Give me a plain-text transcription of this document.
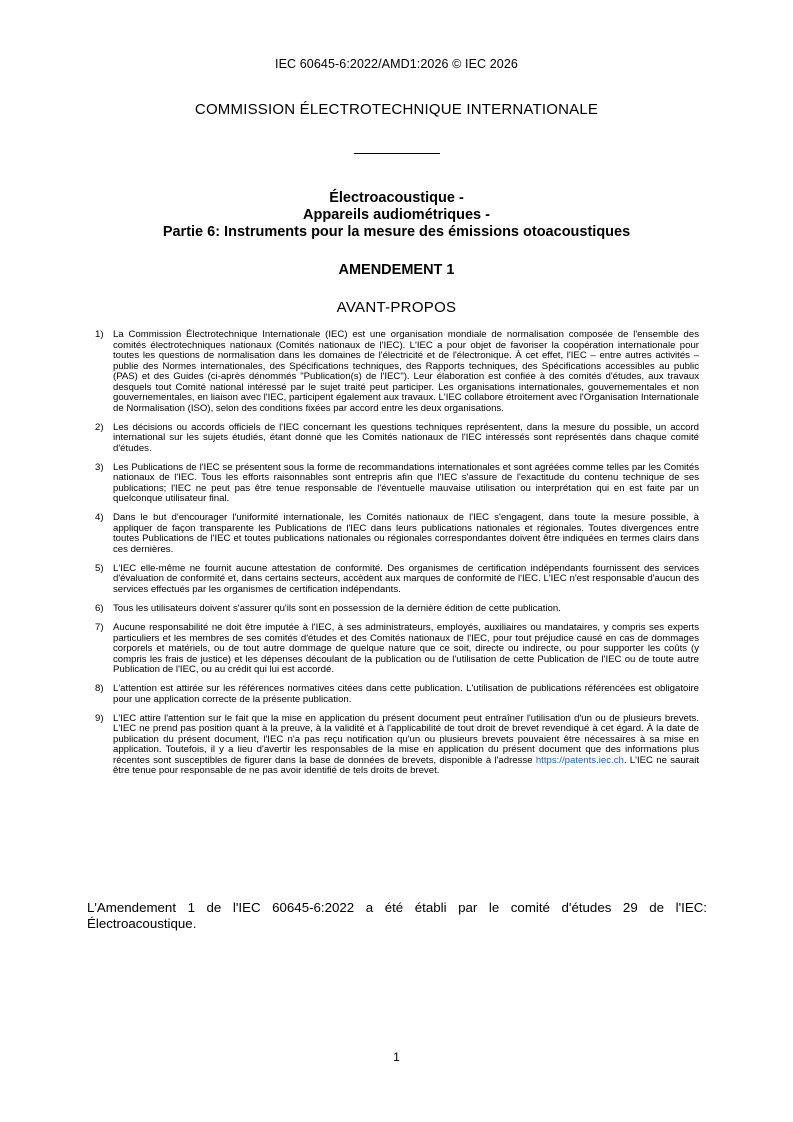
IEC 60645-6:2022/AMD1:2026 © IEC 2026
COMMISSION ÉLECTROTECHNIQUE INTERNATIONALE
Électroacoustique -
Appareils audiométriques -
Partie 6: Instruments pour la mesure des émissions otoacoustiques
AMENDEMENT 1
AVANT-PROPOS
1) La Commission Électrotechnique Internationale (IEC) est une organisation mondiale de normalisation composée de l'ensemble des comités électrotechniques nationaux (Comités nationaux de l'IEC). L'IEC a pour objet de favoriser la coopération internationale pour toutes les questions de normalisation dans les domaines de l'électricité et de l'électronique. À cet effet, l'IEC – entre autres activités – publie des Normes internationales, des Spécifications techniques, des Rapports techniques, des Spécifications accessibles au public (PAS) et des Guides (ci-après dénommés "Publication(s) de l'IEC"). Leur élaboration est confiée à des comités d'études, aux travaux desquels tout Comité national intéressé par le sujet traité peut participer. Les organisations internationales, gouvernementales et non gouvernementales, en liaison avec l'IEC, participent également aux travaux. L'IEC collabore étroitement avec l'Organisation Internationale de Normalisation (ISO), selon des conditions fixées par accord entre les deux organisations.
2) Les décisions ou accords officiels de l'IEC concernant les questions techniques représentent, dans la mesure du possible, un accord international sur les sujets étudiés, étant donné que les Comités nationaux de l'IEC intéressés sont représentés dans chaque comité d'études.
3) Les Publications de l'IEC se présentent sous la forme de recommandations internationales et sont agréées comme telles par les Comités nationaux de l'IEC. Tous les efforts raisonnables sont entrepris afin que l'IEC s'assure de l'exactitude du contenu technique de ses publications; l'IEC ne peut pas être tenue responsable de l'éventuelle mauvaise utilisation ou interprétation qui en est faite par un quelconque utilisateur final.
4) Dans le but d'encourager l'uniformité internationale, les Comités nationaux de l'IEC s'engagent, dans toute la mesure possible, à appliquer de façon transparente les Publications de l'IEC dans leurs publications nationales et régionales. Toutes divergences entre toutes Publications de l'IEC et toutes publications nationales ou régionales correspondantes doivent être indiquées en termes clairs dans ces dernières.
5) L'IEC elle-même ne fournit aucune attestation de conformité. Des organismes de certification indépendants fournissent des services d'évaluation de conformité et, dans certains secteurs, accèdent aux marques de conformité de l'IEC. L'IEC n'est responsable d'aucun des services effectués par les organismes de certification indépendants.
6) Tous les utilisateurs doivent s'assurer qu'ils sont en possession de la dernière édition de cette publication.
7) Aucune responsabilité ne doit être imputée à l'IEC, à ses administrateurs, employés, auxiliaires ou mandataires, y compris ses experts particuliers et les membres de ses comités d'études et des Comités nationaux de l'IEC, pour tout préjudice causé en cas de dommages corporels et matériels, ou de tout autre dommage de quelque nature que ce soit, directe ou indirecte, ou pour supporter les coûts (y compris les frais de justice) et les dépenses découlant de la publication ou de l'utilisation de cette Publication de l'IEC ou de toute autre Publication de l'IEC, ou au crédit qui lui est accordé.
8) L'attention est attirée sur les références normatives citées dans cette publication. L'utilisation de publications référencées est obligatoire pour une application correcte de la présente publication.
9) L'IEC attire l'attention sur le fait que la mise en application du présent document peut entraîner l'utilisation d'un ou de plusieurs brevets. L'IEC ne prend pas position quant à la preuve, à la validité et à l'applicabilité de tout droit de brevet revendiqué à cet égard. À la date de publication du présent document, l'IEC n'a pas reçu notification qu'un ou plusieurs brevets pouvaient être nécessaires à sa mise en application. Toutefois, il y a lieu d'avertir les responsables de la mise en application du présent document que des informations plus récentes sont susceptibles de figurer dans la base de données de brevets, disponible à l'adresse https://patents.iec.ch. L'IEC ne saurait être tenue pour responsable de ne pas avoir identifié de tels droits de brevet.
L'Amendement 1 de l'IEC 60645-6:2022 a été établi par le comité d'études 29 de l'IEC: Électroacoustique.
1
